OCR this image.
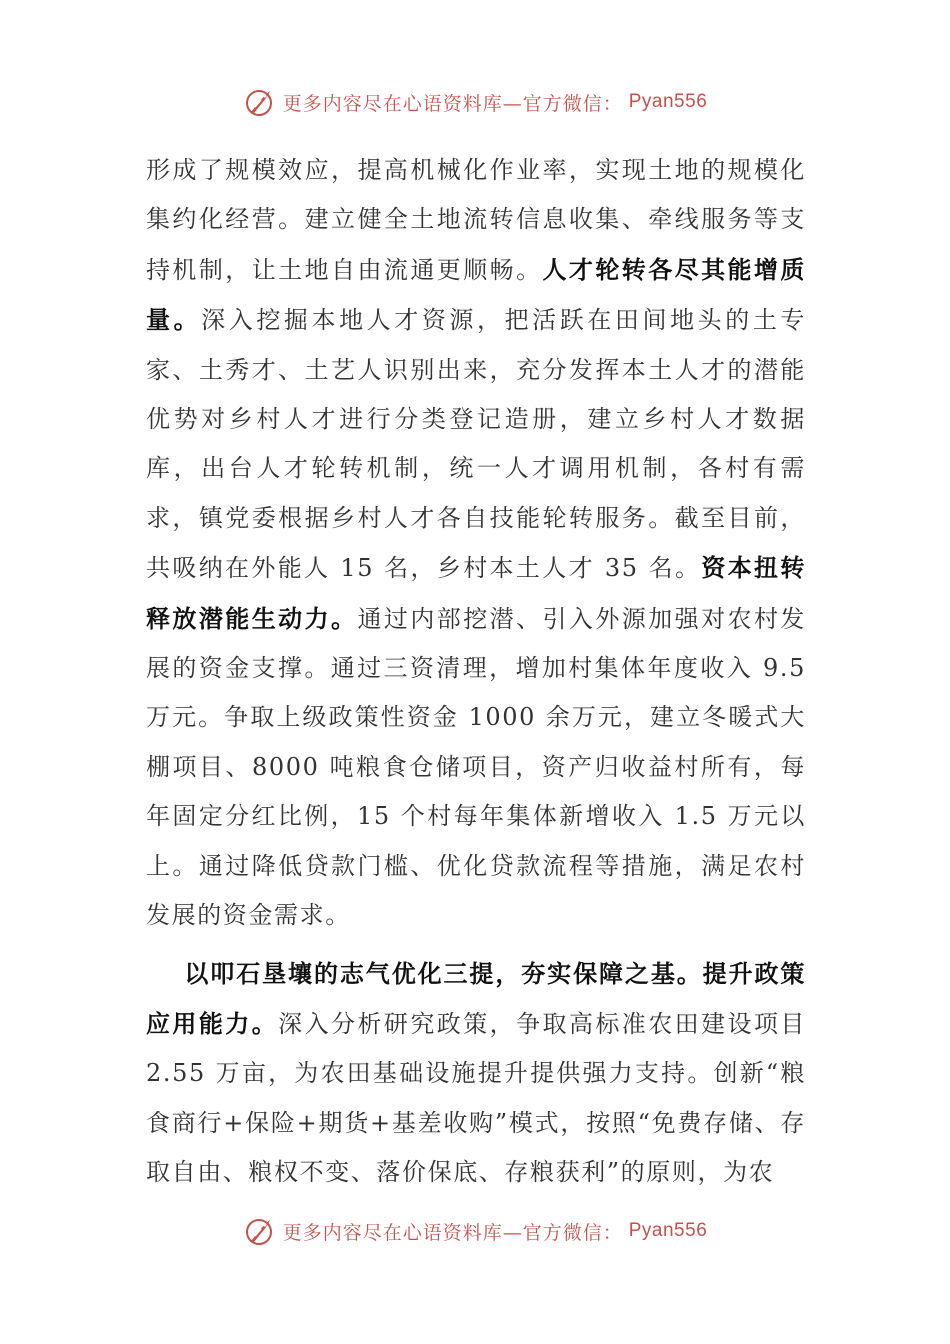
更多内容尽在心语资料库—官方微信： Pyan556

形成了规模效应，提高机械化作业率，实现土地的规模化集约化经营。建立健全土地流转信息收集、牵线服务等支持机制，让土地自由流通更顺畅。人才轮转各尽其能增质量。深入挖掘本地人才资源，把活跃在田间地头的土专家、土秀才、土艺人识别出来，充分发挥本土人才的潜能优势对乡村人才进行分类登记造册，建立乡村人才数据库，出台人才轮转机制，统一人才调用机制，各村有需求，镇党委根据乡村人才各自技能轮转服务。截至目前，共吸纳在外能人 15 名，乡村本土人才 35 名。资本扭转释放潜能生动力。通过内部挖潜、引入外源加强对农村发展的资金支撑。通过三资清理，增加村集体年度收入 9.5 万元。争取上级政策性资金 1000 余万元，建立冬暖式大棚项目、8000 吨粮食仓储项目，资产归收益村所有，每年固定分红比例，15 个村每年集体新增收入 1.5 万元以上。通过降低贷款门槛、优化贷款流程等措施，满足农村发展的资金需求。

以叩石垦壤的志气优化三提，夯实保障之基。提升政策应用能力。深入分析研究政策，争取高标准农田建设项目 2.55 万亩，为农田基础设施提升提供强力支持。创新“粮食商行+保险+期货+基差收购”模式，按照“免费存储、存取自由、粮权不变、落价保底、存粮获利”的原则，为农

更多内容尽在心语资料库—官方微信： Pyan556
